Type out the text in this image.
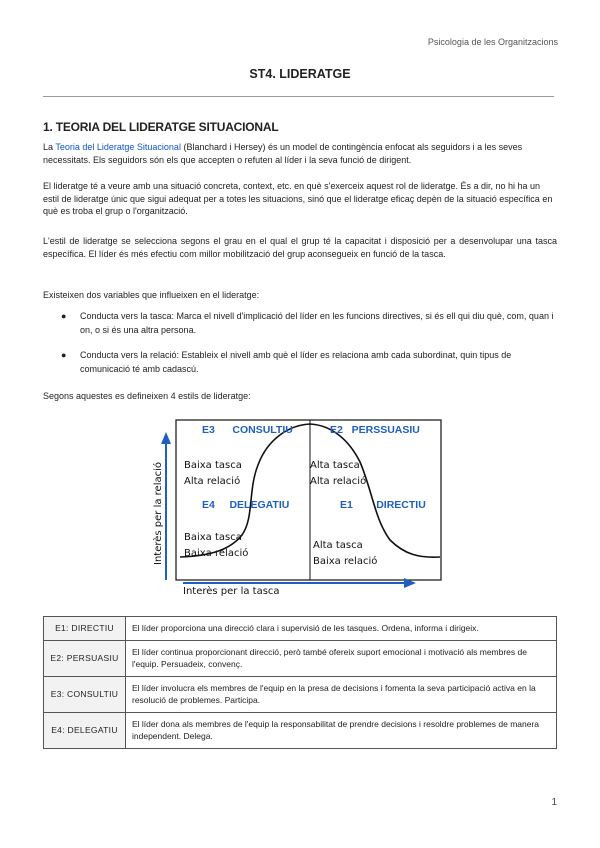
Psicologia de les Organitzacions
ST4. LIDERATGE
1. TEORIA DEL LIDERATGE SITUACIONAL
La Teoria del Lideratge Situacional (Blanchard i Hersey) és un model de contingència enfocat als seguidors i a les seves necessitats. Els seguidors són els que accepten o refuten al líder i la seva funció de dirigent.
El lideratge té a veure amb una situació concreta, context, etc. en què s'exerceix aquest rol de lideratge. És a dir, no hi ha un estil de lideratge únic que sigui adequat per a totes les situacions, sinó que el lideratge eficaç depèn de la situació específica en què es troba el grup o l'organització.
L'estil de lideratge se selecciona segons el grau en el qual el grup té la capacitat i disposició per a desenvolupar una tasca específica. El líder és més efectiu com millor mobilització del grup aconsegueix en funció de la tasca.
Existeixen dos variables que influeixen en el lideratge:
● Conducta vers la tasca: Marca el nivell d'implicació del líder en les funcions directives, si és ell qui diu què, com, quan i on, o si és una altra persona.
● Conducta vers la relació: Estableix el nivell amb què el líder es relaciona amb cada subordinat, quin tipus de comunicació té amb cadascú.
Segons aquestes es defineixen 4 estils de lideratge:
E3 CONSULTIU	E2 PERSSUASIU
Baixa tasca
Alta relació
Alta tasca
Alta relació
E4 DELEGATIU	E1 DIRECTIU
Baixa tasca
Baixa relació
Alta tasca
Baixa relació
Interès per la relació
Interès per la tasca
E1: DIRECTIU	El líder proporciona una direcció clara i supervisió de les tasques. Ordena, informa i dirigeix.
E2: PERSUASIU	El líder continua proporcionant direcció, però també ofereix suport emocional i motivació als membres de l'equip. Persuadeix, convenç.
E3: CONSULTIU	El líder involucra els membres de l'equip en la presa de decisions i fomenta la seva participació activa en la resolució de problemes. Participa.
E4: DELEGATIU	El líder dona als membres de l'equip la responsabilitat de prendre decisions i resoldre problemes de manera independent. Delega.
1
